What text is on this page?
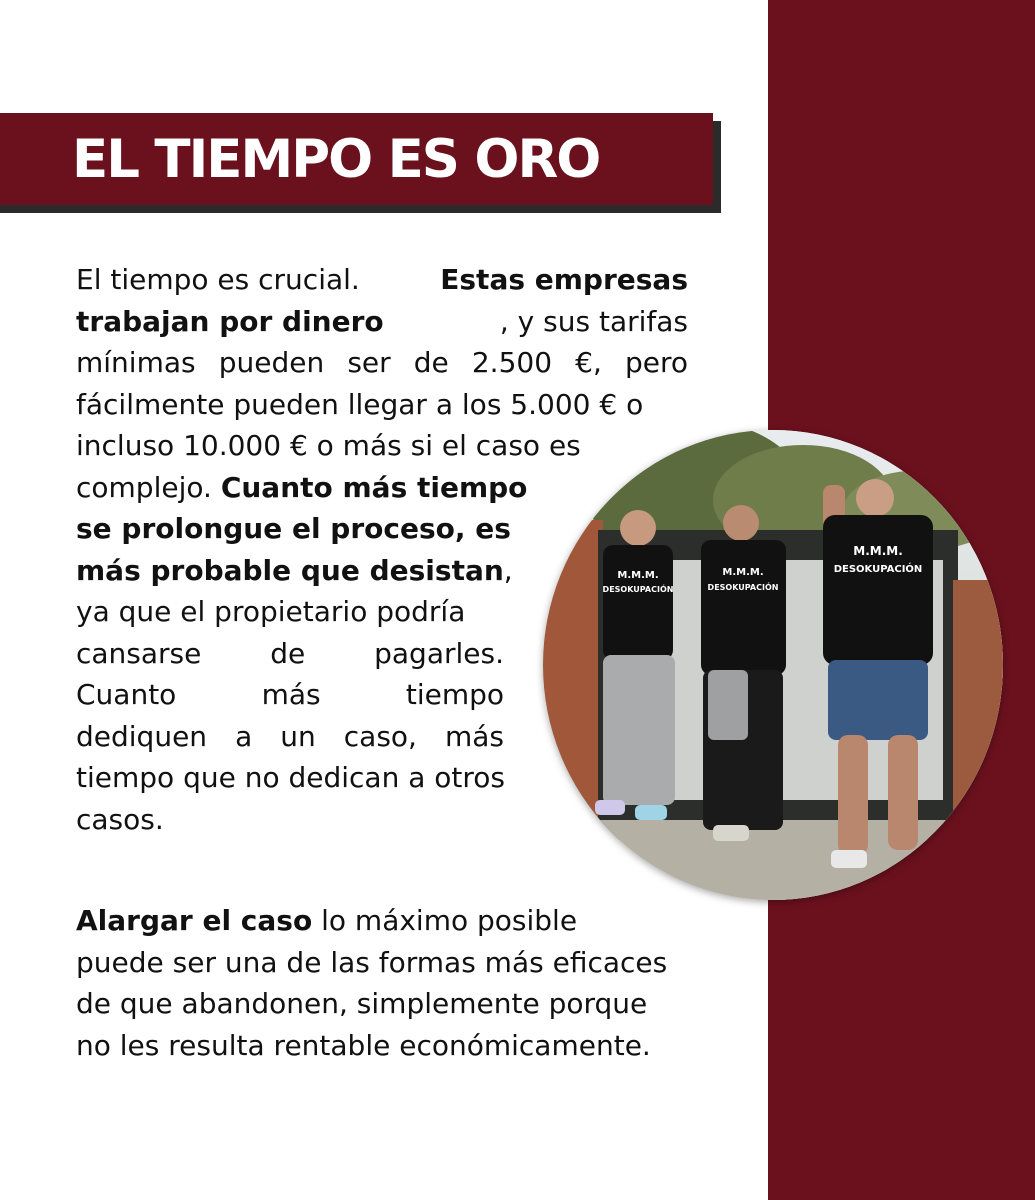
EL TIEMPO ES ORO
El tiempo es crucial.	Estas empresas
trabajan por dinero	, y sus tarifas
mínimas pueden ser de 2.500 €, pero
fácilmente pueden llegar a los 5.000 € o
incluso 10.000 € o más si el caso es
complejo. Cuanto más tiempo
se prolongue el proceso, es
más probable que desistan,
ya que el propietario podría
cansarse de pagarles.
Cuanto más tiempo
dediquen a un caso, más
tiempo que no dedican a otros
casos.
Alargar el caso lo máximo posible
puede ser una de las formas más eficaces
de que abandonen, simplemente porque
no les resulta rentable económicamente.
M.M.M.
DESOKUPACIÓN
M.M.M.
DESOKUPACIÓN
M.M.M.
DESOKUPACIÓN
